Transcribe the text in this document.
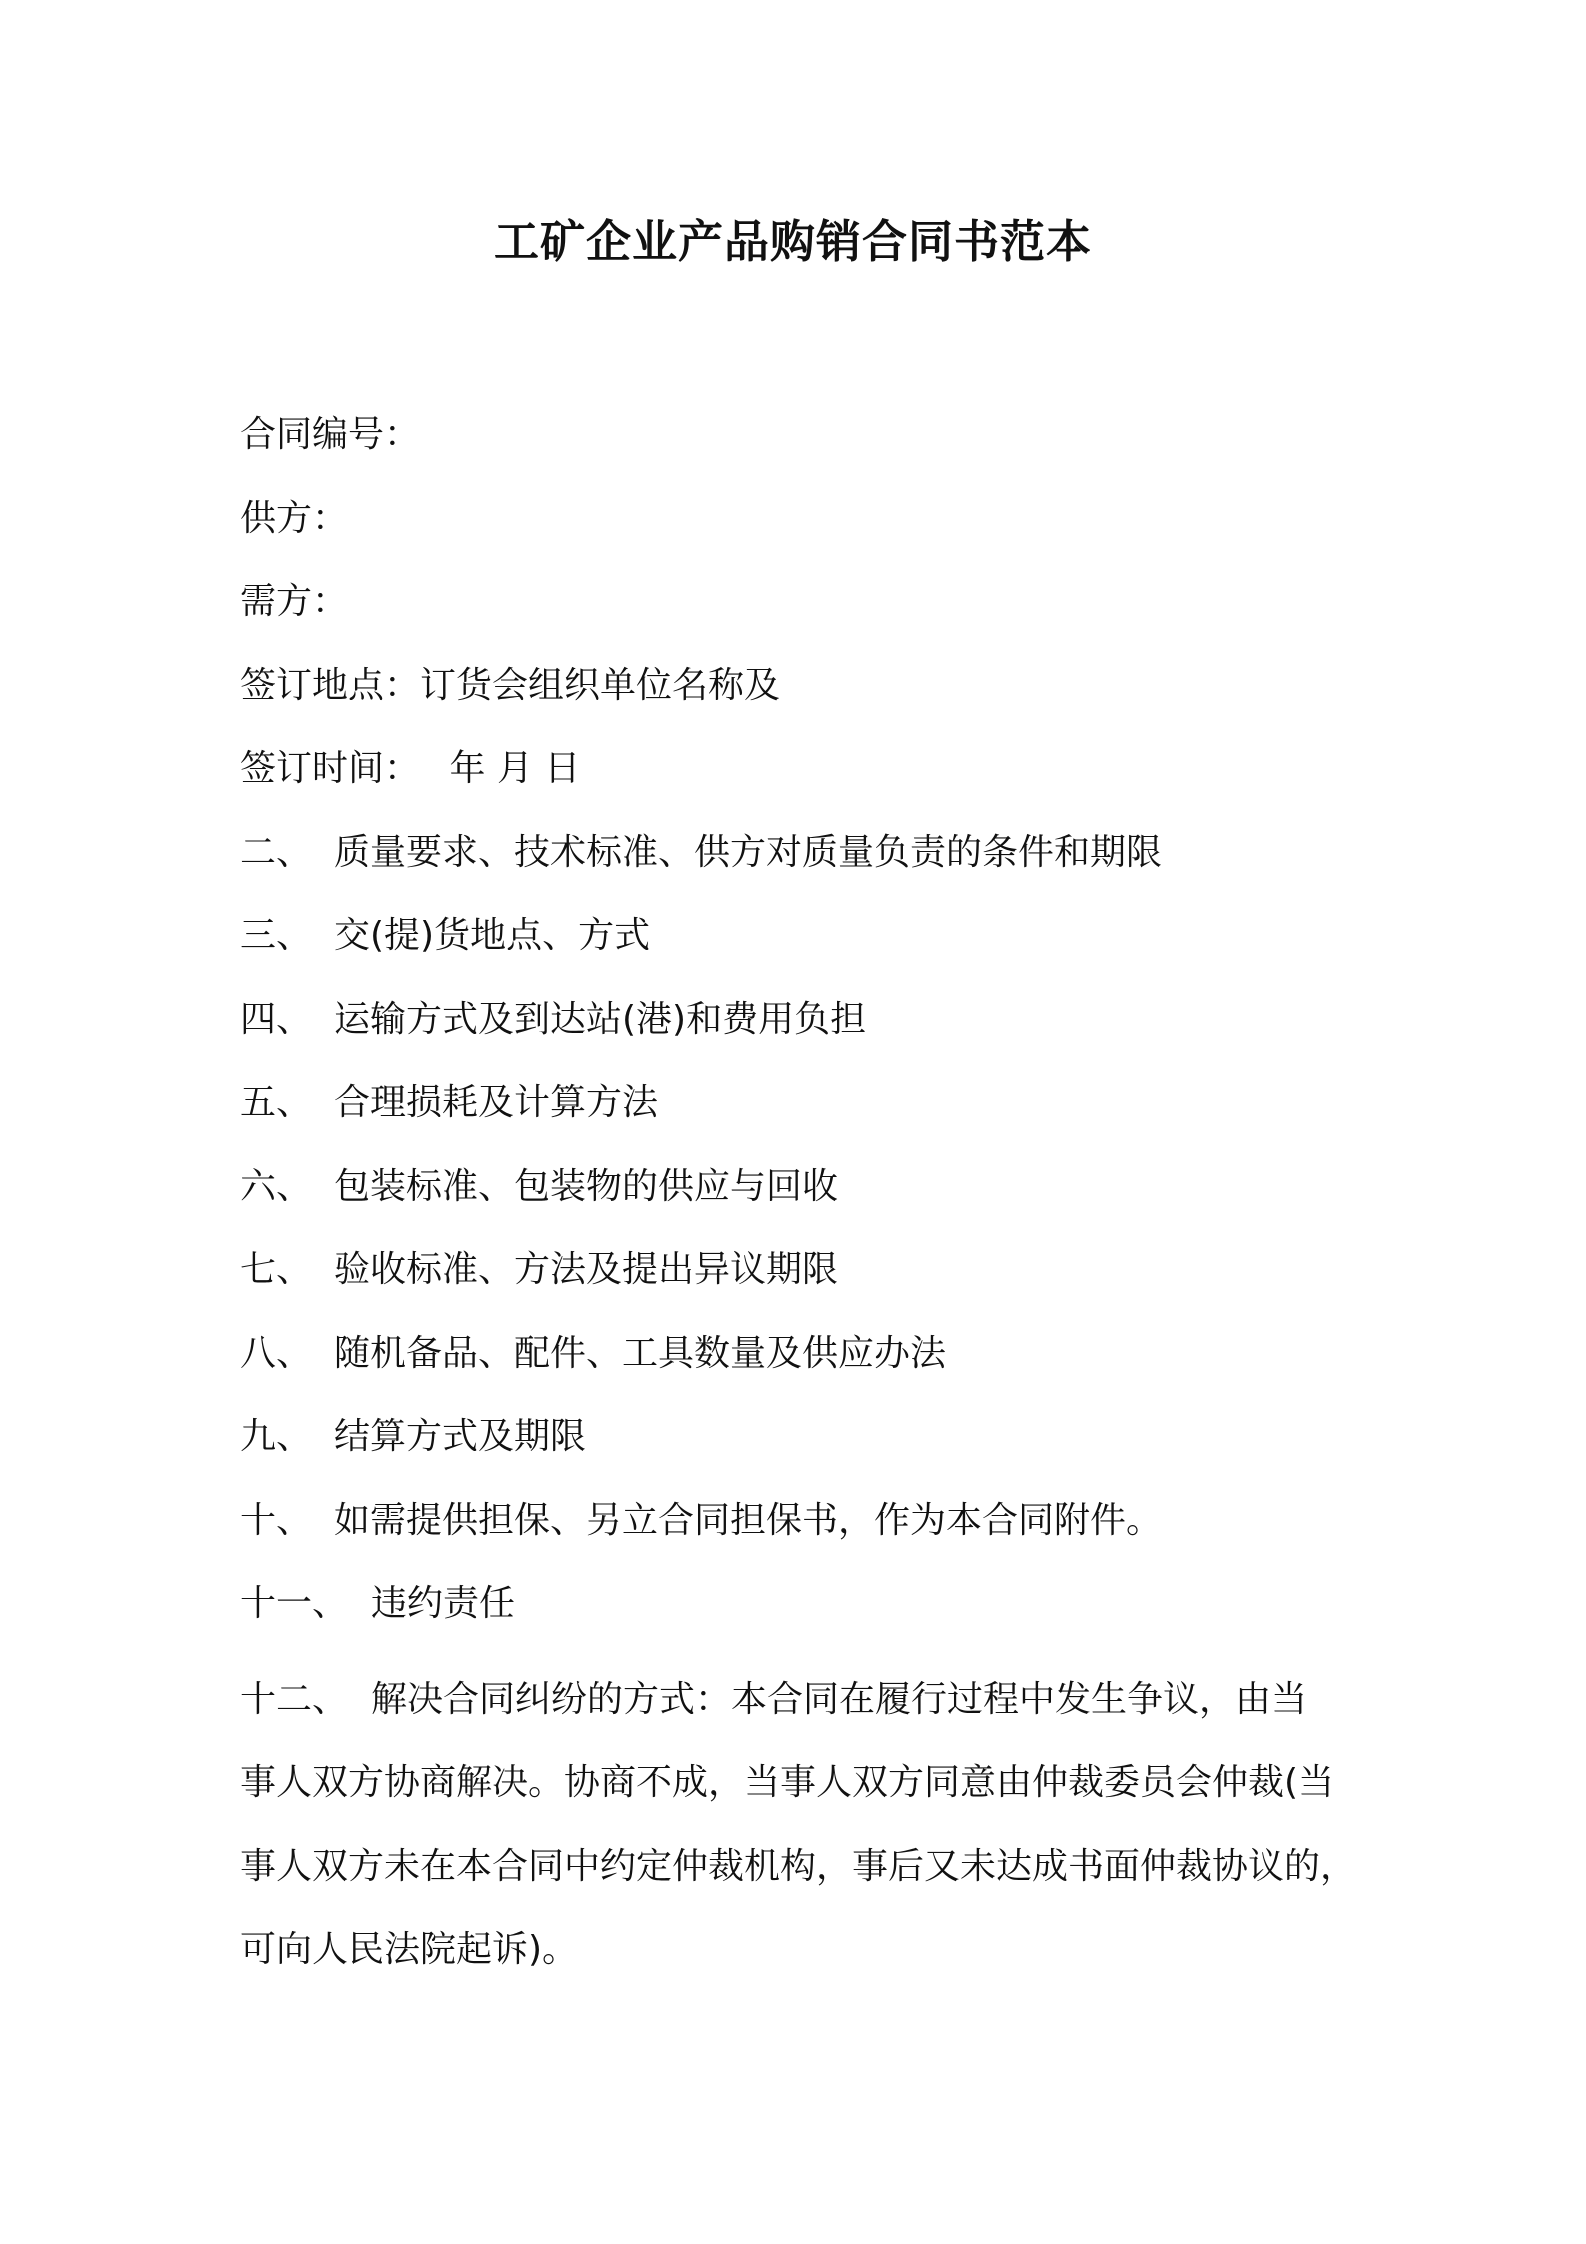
工矿企业产品购销合同书范本
合同编号：
供方：
需方：
签订地点：订货会组织单位名称及
签订时间： 年 月 日
二、 质量要求、技术标准、供方对质量负责的条件和期限
三、 交(提)货地点、方式
四、 运输方式及到达站(港)和费用负担
五、 合理损耗及计算方法
六、 包装标准、包装物的供应与回收
七、 验收标准、方法及提出异议期限
八、 随机备品、配件、工具数量及供应办法
九、 结算方式及期限
十、 如需提供担保、另立合同担保书，作为本合同附件。
十一、 违约责任
十二、 解决合同纠纷的方式：本合同在履行过程中发生争议，由当
事人双方协商解决。协商不成，当事人双方同意由仲裁委员会仲裁(当事人双方未在本合同中约定仲裁机构，事后又未达成书面仲裁协议的，可向人民法院起诉)。
